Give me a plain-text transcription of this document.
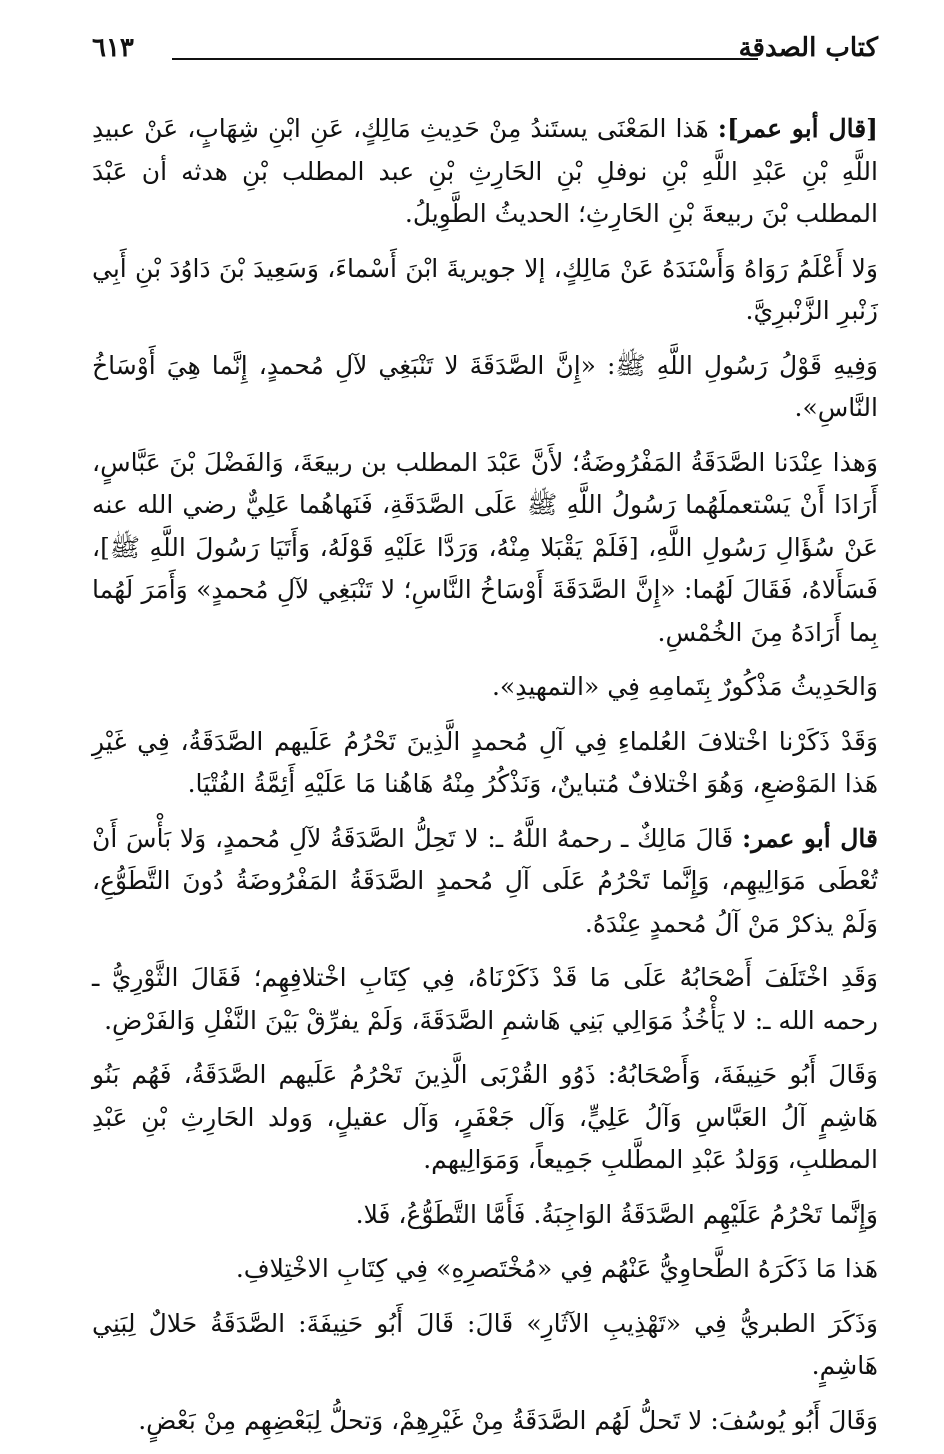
كتاب الصدقة
٦١٣

[قال أبو عمر]: هَذا المَعْنَى يستَندُ مِنْ حَدِيثِ مَالِكٍ، عَنِ ابْنِ شِهَابٍ، عَنْ عبيدِ اللَّهِ بْنِ عَبْدِ اللَّهِ بْنِ نوفلِ بْنِ الحَارِثِ بْنِ عبد المطلب بْنِ هدثه أن عَبْدَ المطلب بْنَ ربيعةَ بْنِ الحَارِثِ؛ الحديثُ الطَّوِيلُ.

وَلا أَعْلَمُ رَوَاهُ وَأَسْنَدَهُ عَنْ مَالِكٍ، إلا جويريةَ ابْنَ أَسْماءَ، وَسَعِيدَ بْنَ دَاوُدَ بْنِ أَبِي زَنْبرِ الزَّنْبرِيَّ.

وَفِيهِ قَوْلُ رَسُولِ اللَّهِ ﷺ: «إِنَّ الصَّدَقَةَ لا تَنْبَغِي لآلِ مُحمدٍ، إِنَّما هِيَ أَوْسَاخُ النَّاسِ».

وَهذا عِنْدَنا الصَّدَقَةُ المَفْرُوضَةُ؛ لأَنَّ عَبْدَ المطلب بن ربيعَةَ، وَالفَضْلَ بْنَ عَبَّاسٍ، أَرَادَا أَنْ يَسْتعملَهُما رَسُولُ اللَّهِ ﷺ عَلَى الصَّدَقَةِ، فَنَهاهُما عَلِيٌّ رضي الله عنه عَنْ سُؤَالِ رَسُولِ اللَّهِ، [فَلَمْ يَقْبَلا مِنْهُ، وَرَدَّا عَلَيْهِ قَوْلَهُ، وَأَتَيَا رَسُولَ اللَّهِ ﷺ]، فَسَأَلاهُ، فَقَالَ لَهُما: «إِنَّ الصَّدَقَةَ أَوْسَاخُ النَّاسِ؛ لا تَنْبَغِي لآلِ مُحمدٍ» وَأَمَرَ لَهُما بِما أَرَادَهُ مِنَ الخُمْسِ.

وَالحَدِيثُ مَذْكُورٌ بِتَمامِهِ فِي «التمهيدِ».

وَقَدْ ذَكَرْنا اخْتلافَ العُلماءِ فِي آلِ مُحمدٍ الَّذِينَ تَحْرُمُ عَلَيهم الصَّدَقَةُ، فِي غَيْرِ هَذا المَوْضعِ، وَهُوَ اخْتلافٌ مُتباينٌ، وَنَذْكُرُ مِنْهُ هَاهُنا مَا عَلَيْهِ أَئِمَّةُ الفُتْيَا.

قال أبو عمر: قَالَ مَالِكٌ ـ رحمهُ اللَّهُ ـ: لا تَحِلُّ الصَّدَقَةُ لآلِ مُحمدٍ، وَلا بَأْسَ أَنْ تُعْطَى مَوَالِيهِم، وَإِنَّما تَحْرُمُ عَلَى آلِ مُحمدٍ الصَّدَقَةُ المَفْرُوضَةُ دُونَ التَّطَوُّعِ، وَلَمْ يذكرْ مَنْ آلُ مُحمدٍ عِنْدَهُ.

وَقَدِ اخْتَلَفَ أَصْحَابُهُ عَلَى مَا قَدْ ذَكَرْنَاهُ، فِي كِتَابِ اخْتلافِهِم؛ فَقَالَ الثَّوْرِيُّ ـ رحمه الله ـ: لا يَأْخُذُ مَوَالِي بَنِي هَاشمِ الصَّدَقَةَ، وَلَمْ يفرِّقْ بَيْنَ النَّفْلِ وَالفَرْضِ.

وَقَالَ أَبُو حَنِيفَةَ، وَأَصْحَابُهُ: ذَوُو القُرْبَى الَّذِينَ تَحْرُمُ عَلَيهم الصَّدَقَةُ، فَهُم بَنُو هَاشِمٍ آلُ العَبَّاسِ وَآلُ عَلِيٍّ، وَآل جَعْفَرٍ، وَآل عقيلٍ، وَولد الحَارِثِ بْنِ عَبْدِ المطلبِ، وَوَلدُ عَبْدِ المطَّلبِ جَمِيعاً، وَمَوَالِيهم.

وَإِنَّما تَحْرُمُ عَلَيْهِم الصَّدَقَةُ الوَاجِبَةُ. فَأَمَّا التَّطَوُّعُ، فَلا.

هَذا مَا ذَكَرَهُ الطَّحاوِيُّ عَنْهُم فِي «مُخْتَصرِهِ» فِي كِتَابِ الاخْتِلافِ.

وَذَكَرَ الطبريُّ فِي «تَهْذِيبِ الآثَارِ» قَالَ: قَالَ أَبُو حَنِيفَةَ: الصَّدَقَةُ حَلالٌ لِبَنِي هَاشِمٍ.

وَقَالَ أَبُو يُوسُفَ: لا تَحلُّ لَهُم الصَّدَقَةُ مِنْ غَيْرِهِمْ، وَتحلُّ لِبَعْضِهِم مِنْ بَعْضٍ.
